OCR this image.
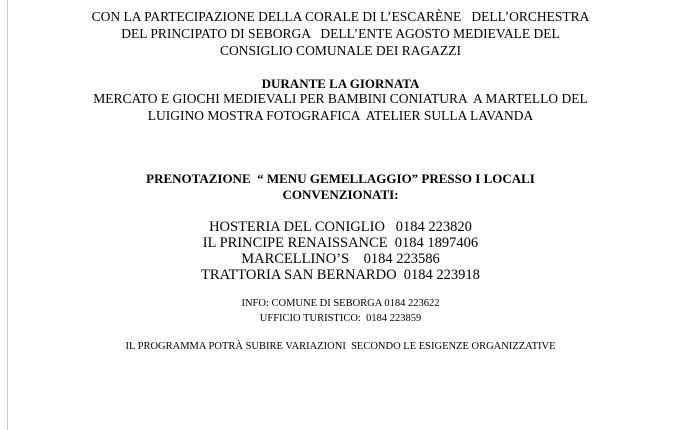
CON LA PARTECIPAZIONE DELLA CORALE DI L’ESCARÈNE   DELL’ORCHESTRA
DEL PRINCIPATO DI SEBORGA   DELL’ENTE AGOSTO MEDIEVALE DEL
CONSIGLIO COMUNALE DEI RAGAZZI
DURANTE LA GIORNATA
MERCATO E GIOCHI MEDIEVALI PER BAMBINI CONIATURA  A MARTELLO DEL
LUIGINO MOSTRA FOTOGRAFICA  ATELIER SULLA LAVANDA
PRENOTAZIONE  “ MENU GEMELLAGGIO” PRESSO I LOCALI
CONVENZIONATI:
HOSTERIA DEL CONIGLIO   0184 223820
IL PRINCIPE RENAISSANCE  0184 1897406
MARCELLINO’S    0184 223586
TRATTORIA SAN BERNARDO  0184 223918
INFO: COMUNE DI SEBORGA 0184 223622
UFFICIO TURISTICO:  0184 223859
IL PROGRAMMA POTRÀ SUBIRE VARIAZIONI  SECONDO LE ESIGENZE ORGANIZZATIVE
